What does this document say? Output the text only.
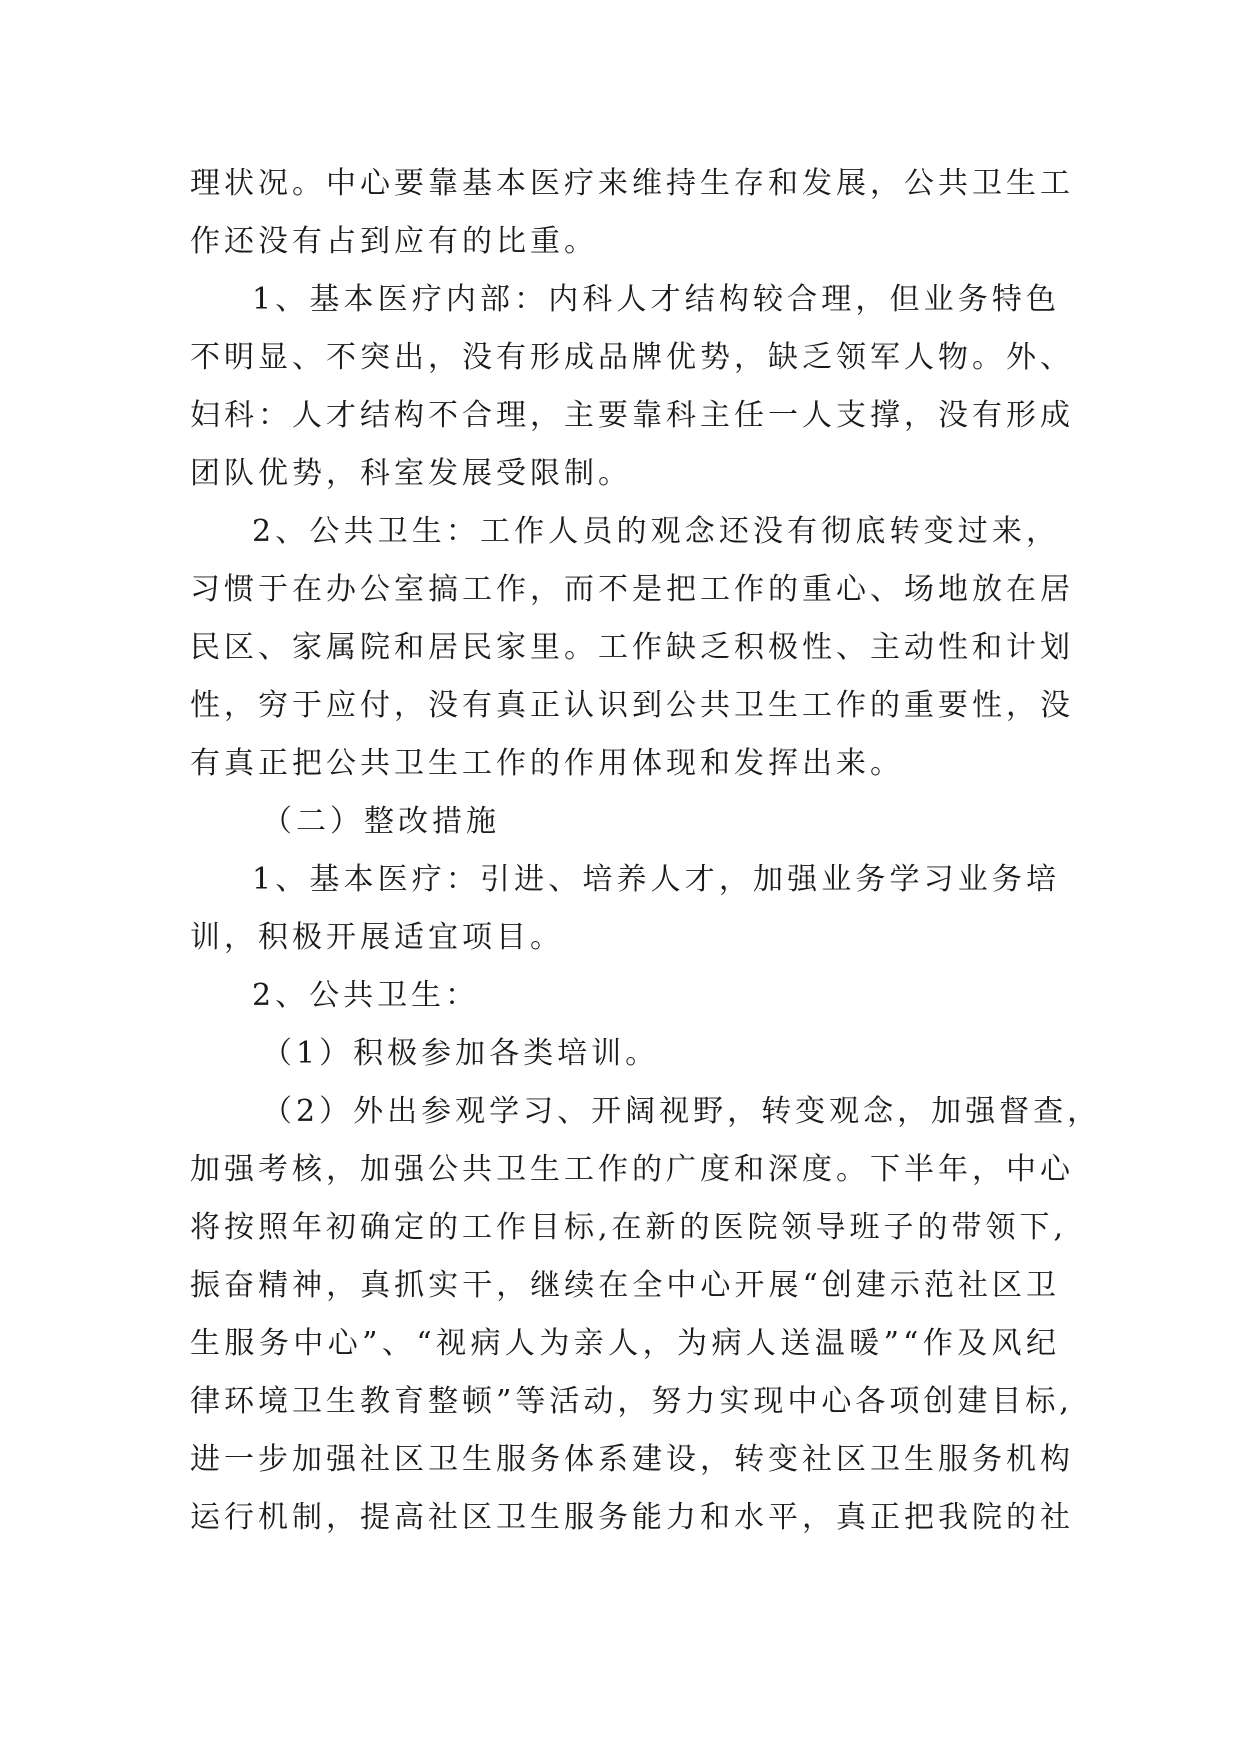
理状况。中心要靠基本医疗来维持生存和发展，公共卫生工
作还没有占到应有的比重。
1、基本医疗内部：内科人才结构较合理，但业务特色
不明显、不突出，没有形成品牌优势，缺乏领军人物。外、
妇科：人才结构不合理，主要靠科主任一人支撑，没有形成
团队优势，科室发展受限制。
2、公共卫生：工作人员的观念还没有彻底转变过来，
习惯于在办公室搞工作，而不是把工作的重心、场地放在居
民区、家属院和居民家里。工作缺乏积极性、主动性和计划
性，穷于应付，没有真正认识到公共卫生工作的重要性，没
有真正把公共卫生工作的作用体现和发挥出来。
（二）整改措施
1、基本医疗：引进、培养人才，加强业务学习业务培
训，积极开展适宜项目。
2、公共卫生：
（1）积极参加各类培训。
（2）外出参观学习、开阔视野，转变观念，加强督查，
加强考核，加强公共卫生工作的广度和深度。下半年，中心
将按照年初确定的工作目标,在新的医院领导班子的带领下,
振奋精神，真抓实干，继续在全中心开展“创建示范社区卫
生服务中心”、“视病人为亲人，为病人送温暖”“作及风纪
律环境卫生教育整顿”等活动，努力实现中心各项创建目标,
进一步加强社区卫生服务体系建设，转变社区卫生服务机构
运行机制，提高社区卫生服务能力和水平，真正把我院的社
